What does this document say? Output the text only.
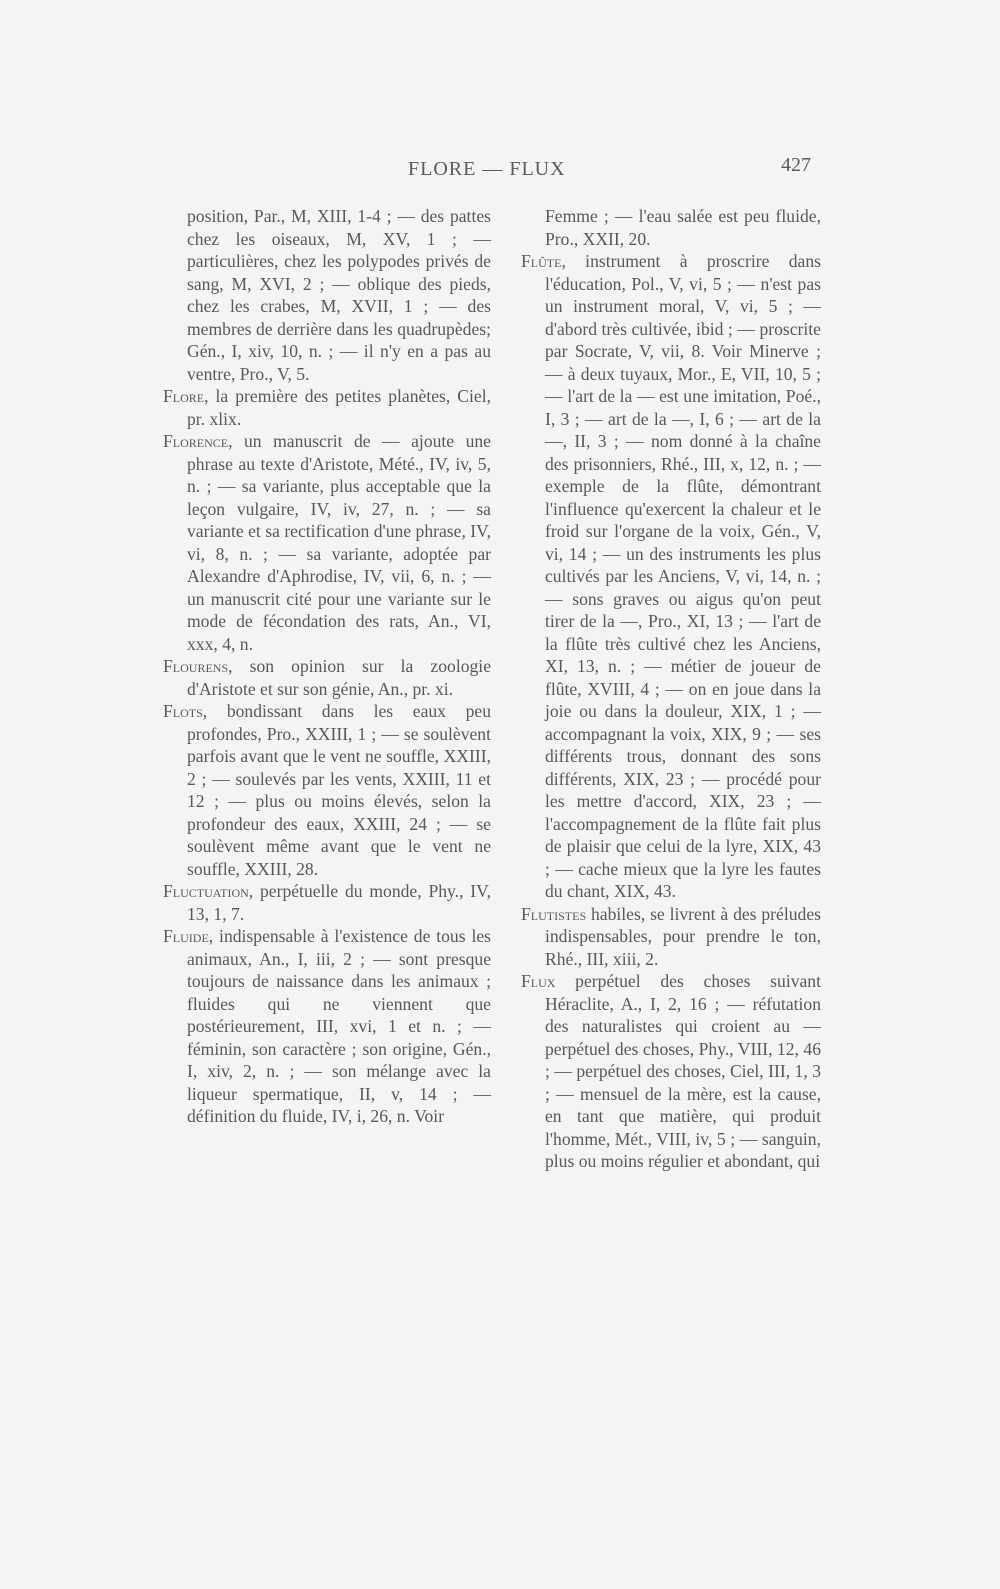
FLORE — FLUX	427

position, Par., M, XIII, 1-4 ; — des pattes chez les oiseaux, M, XV, 1 ; — particulières, chez les polypodes privés de sang, M, XVI, 2 ; — oblique des pieds, chez les crabes, M, XVII, 1 ; — des membres de derrière dans les quadrupèdes; Gén., I, xiv, 10, n. ; — il n'y en a pas au ventre, Pro., V, 5.

Flore, la première des petites planètes, Ciel, pr. xlix.

Florence, un manuscrit de — ajoute une phrase au texte d'Aristote, Mété., IV, iv, 5, n. ; — sa variante, plus acceptable que la leçon vulgaire, IV, iv, 27, n. ; — sa variante et sa rectification d'une phrase, IV, vi, 8, n. ; — sa variante, adoptée par Alexandre d'Aphrodise, IV, vii, 6, n. ; — un manuscrit cité pour une variante sur le mode de fécondation des rats, An., VI, xxx, 4, n.

Flourens, son opinion sur la zoologie d'Aristote et sur son génie, An., pr. xi.

Flots, bondissant dans les eaux peu profondes, Pro., XXIII, 1 ; — se soulèvent parfois avant que le vent ne souffle, XXIII, 2 ; — soulevés par les vents, XXIII, 11 et 12 ; — plus ou moins élevés, selon la profondeur des eaux, XXIII, 24 ; — se soulèvent même avant que le vent ne souffle, XXIII, 28.

Fluctuation, perpétuelle du monde, Phy., IV, 13, 1, 7.

Fluide, indispensable à l'existence de tous les animaux, An., I, iii, 2 ; — sont presque toujours de naissance dans les animaux ; fluides qui ne viennent que postérieurement, III, xvi, 1 et n. ; — féminin, son caractère ; son origine, Gén., I, xiv, 2, n. ; — son mélange avec la liqueur spermatique, II, v, 14 ; — définition du fluide, IV, i, 26, n. Voir

Femme ; — l'eau salée est peu fluide, Pro., XXII, 20.

Flûte, instrument à proscrire dans l'éducation, Pol., V, vi, 5 ; — n'est pas un instrument moral, V, vi, 5 ; — d'abord très cultivée, ibid ; — proscrite par Socrate, V, vii, 8. Voir Minerve ; — à deux tuyaux, Mor., E, VII, 10, 5 ; — l'art de la — est une imitation, Poé., I, 3 ; — art de la —, I, 6 ; — art de la —, II, 3 ; — nom donné à la chaîne des prisonniers, Rhé., III, x, 12, n. ; — exemple de la flûte, démontrant l'influence qu'exercent la chaleur et le froid sur l'organe de la voix, Gén., V, vi, 14 ; — un des instruments les plus cultivés par les Anciens, V, vi, 14, n. ; — sons graves ou aigus qu'on peut tirer de la —, Pro., XI, 13 ; — l'art de la flûte très cultivé chez les Anciens, XI, 13, n. ; — métier de joueur de flûte, XVIII, 4 ; — on en joue dans la joie ou dans la douleur, XIX, 1 ; — accompagnant la voix, XIX, 9 ; — ses différents trous, donnant des sons différents, XIX, 23 ; — procédé pour les mettre d'accord, XIX, 23 ; — l'accompagnement de la flûte fait plus de plaisir que celui de la lyre, XIX, 43 ; — cache mieux que la lyre les fautes du chant, XIX, 43.

Flutistes habiles, se livrent à des préludes indispensables, pour prendre le ton, Rhé., III, xiii, 2.

Flux perpétuel des choses suivant Héraclite, A., I, 2, 16 ; — réfutation des naturalistes qui croient au — perpétuel des choses, Phy., VIII, 12, 46 ; — perpétuel des choses, Ciel, III, 1, 3 ; — mensuel de la mère, est la cause, en tant que matière, qui produit l'homme, Mét., VIII, iv, 5 ; — sanguin, plus ou moins régulier et abondant, qui
